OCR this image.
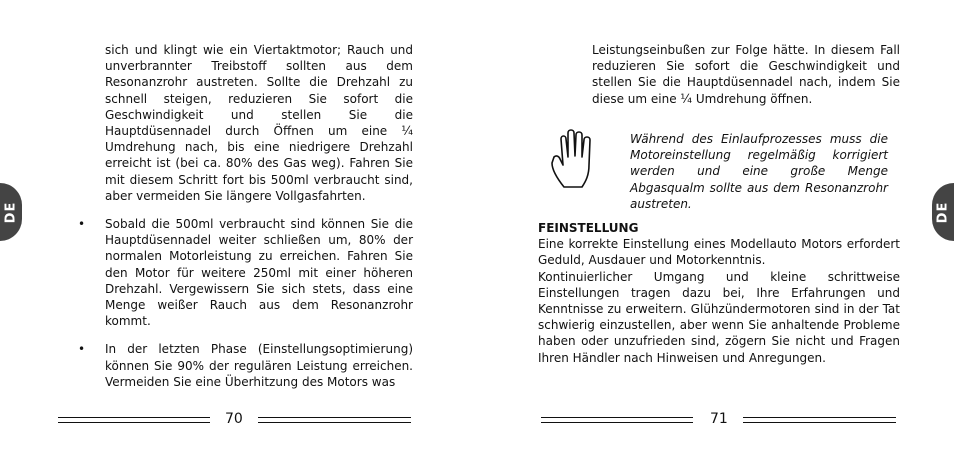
DE	DE

sich und klingt wie ein Viertaktmotor; Rauch und unverbrannter Treibstoff sollten aus dem Resonanzrohr austreten. Sollte die Drehzahl zu schnell steigen, reduzieren Sie sofort die Geschwindigkeit und stellen Sie die Hauptdüsennadel durch Öffnen um eine ¼ Umdrehung nach, bis eine niedrigere Drehzahl erreicht ist (bei ca. 80% des Gas weg). Fahren Sie mit diesem Schritt fort bis 500ml verbraucht sind, aber vermeiden Sie längere Vollgasfahrten.

• Sobald die 500ml verbraucht sind können Sie die Hauptdüsennadel weiter schließen um, 80% der normalen Motorleistung zu erreichen. Fahren Sie den Motor für weitere 250ml mit einer höheren Drehzahl. Vergewissern Sie sich stets, dass eine Menge weißer Rauch aus dem Resonanzrohr kommt.

• In der letzten Phase (Einstellungsoptimierung) können Sie 90% der regulären Leistung erreichen. Vermeiden Sie eine Überhitzung des Motors was

70

Leistungseinbußen zur Folge hätte. In diesem Fall reduzieren Sie sofort die Geschwindigkeit und stellen Sie die Hauptdüsennadel nach, indem Sie diese um eine ¼ Umdrehung öffnen.

Während des Einlaufprozesses muss die Motoreinstellung regelmäßig korrigiert werden und eine große Menge Abgasqualm sollte aus dem Resonanzrohr austreten.

FEINSTELLUNG

Eine korrekte Einstellung eines Modellauto Motors erfordert Geduld, Ausdauer und Motorkenntnis.

Kontinuierlicher Umgang und kleine schrittweise Einstellungen tragen dazu bei, Ihre Erfahrungen und Kenntnisse zu erweitern. Glühzündermotoren sind in der Tat schwierig einzustellen, aber wenn Sie anhaltende Probleme haben oder unzufrieden sind, zögern Sie nicht und Fragen Ihren Händler nach Hinweisen und Anregungen.

71
